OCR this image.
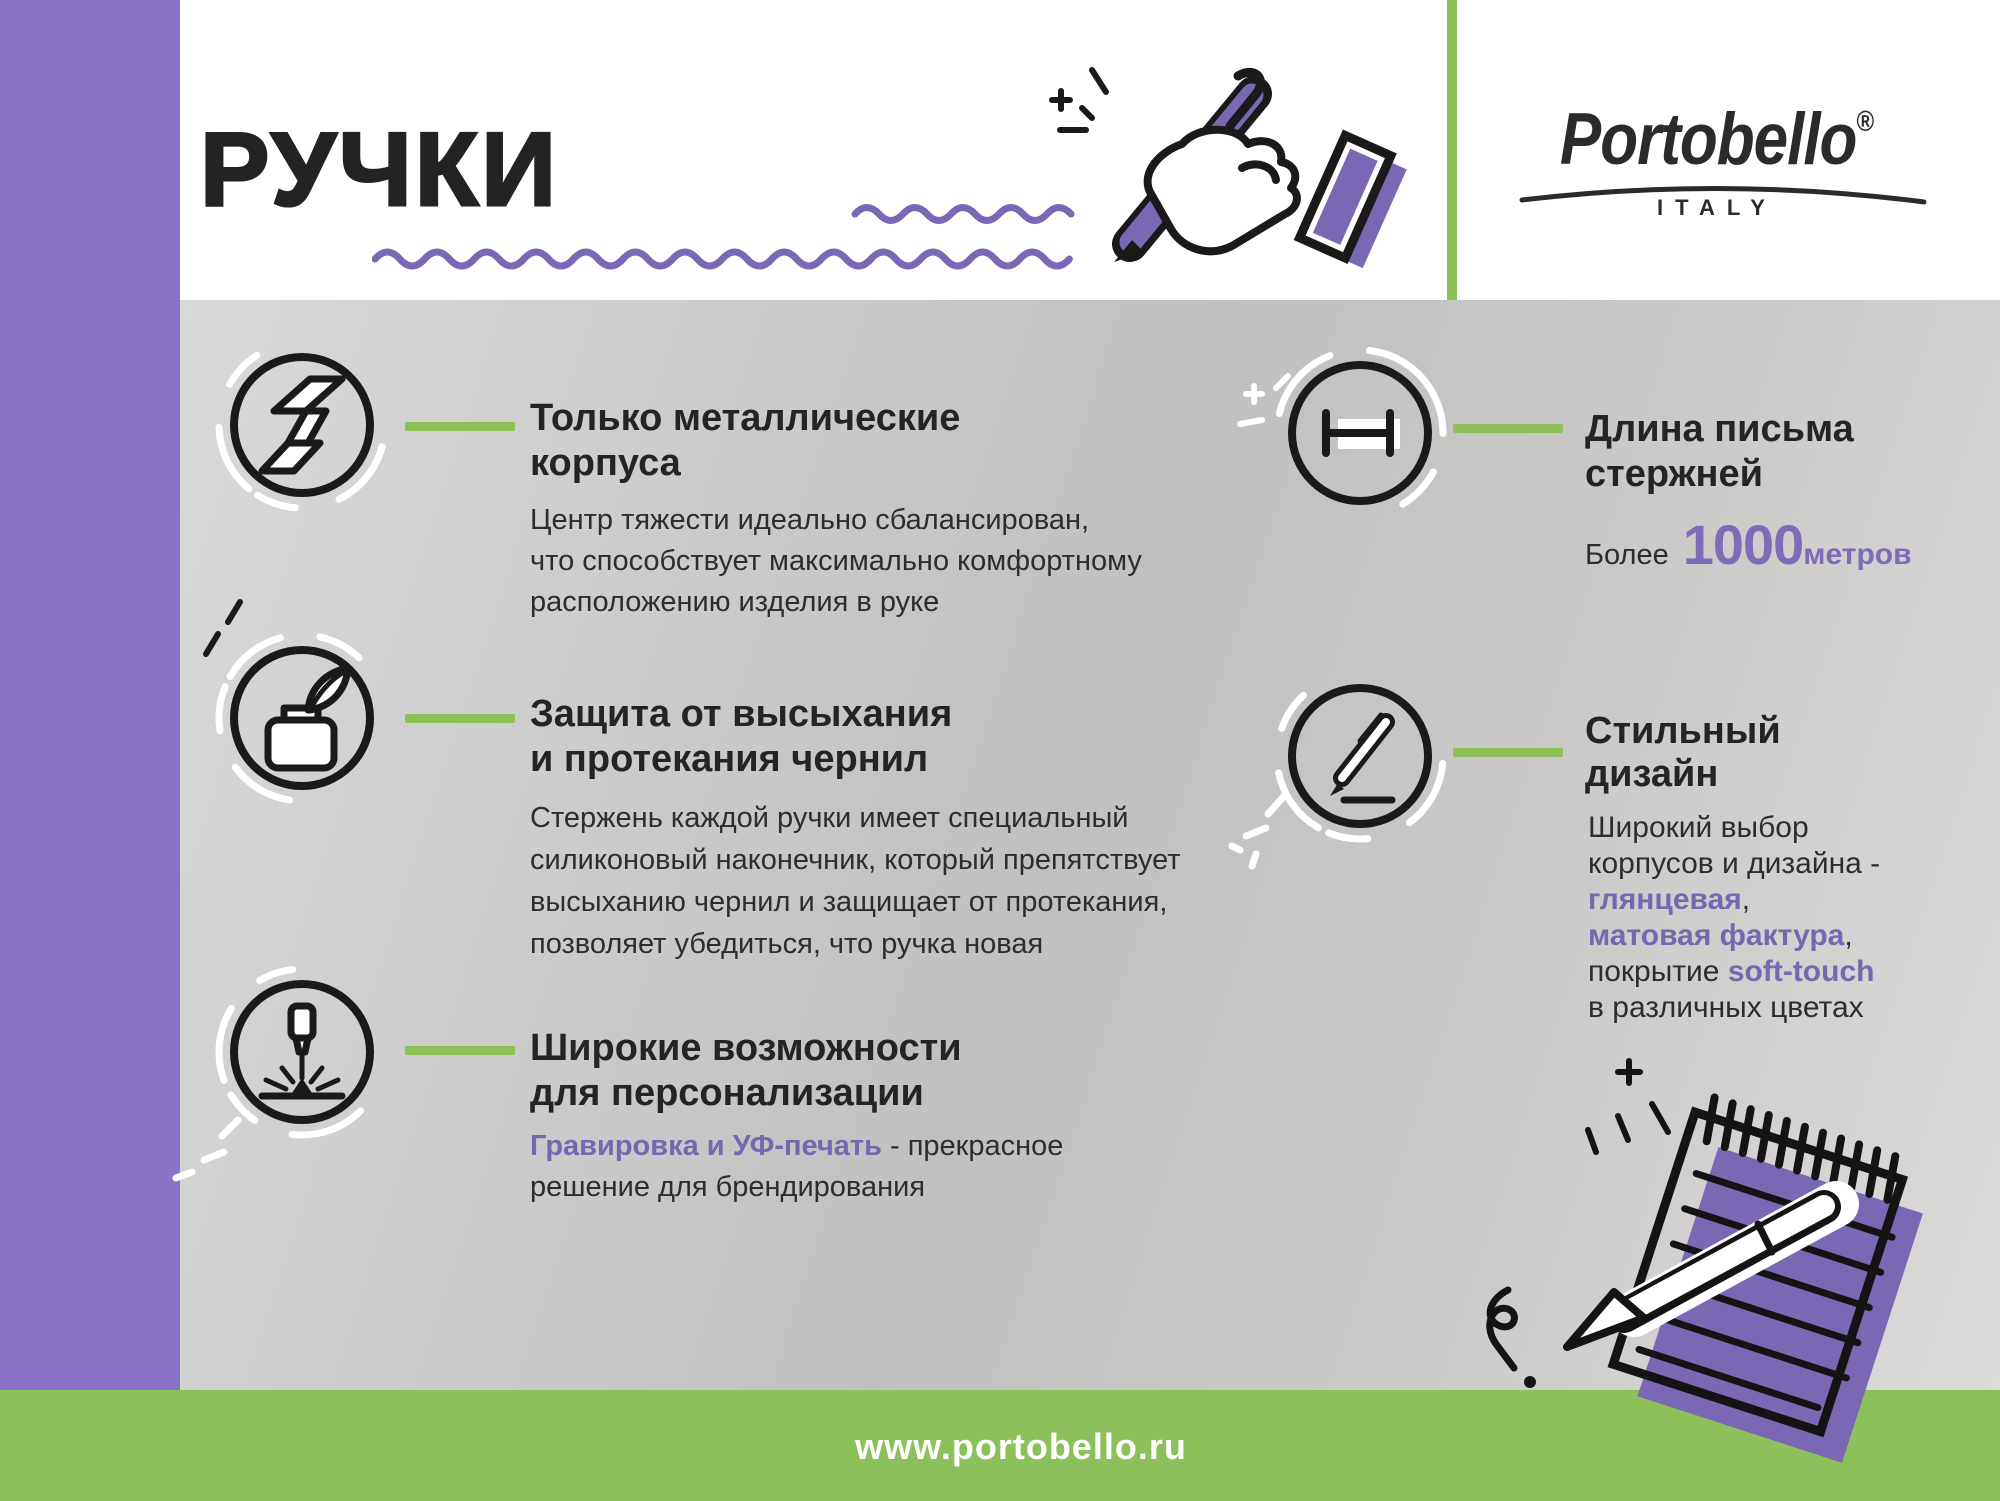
РУЧКИ	Portobello®
ITALY
Только металлические
корпуса
Центр тяжести идеально сбалансирован,
что способствует максимально комфортному
расположению изделия в руке
Защита от высыхания
и протекания чернил
Стержень каждой ручки имеет специальный
силиконовый наконечник, который препятствует
высыханию чернил и защищает от протекания,
позволяет убедиться, что ручка новая
Широкие возможности
для персонализации
Гравировка и УФ-печать - прекрасное
решение для брендирования
Длина письма
стержней
Более 1000 метров
Стильный
дизайн
Широкий выбор
корпусов и дизайна -
глянцевая,
матовая фактура,
покрытие soft-touch
в различных цветах
www.portobello.ru
